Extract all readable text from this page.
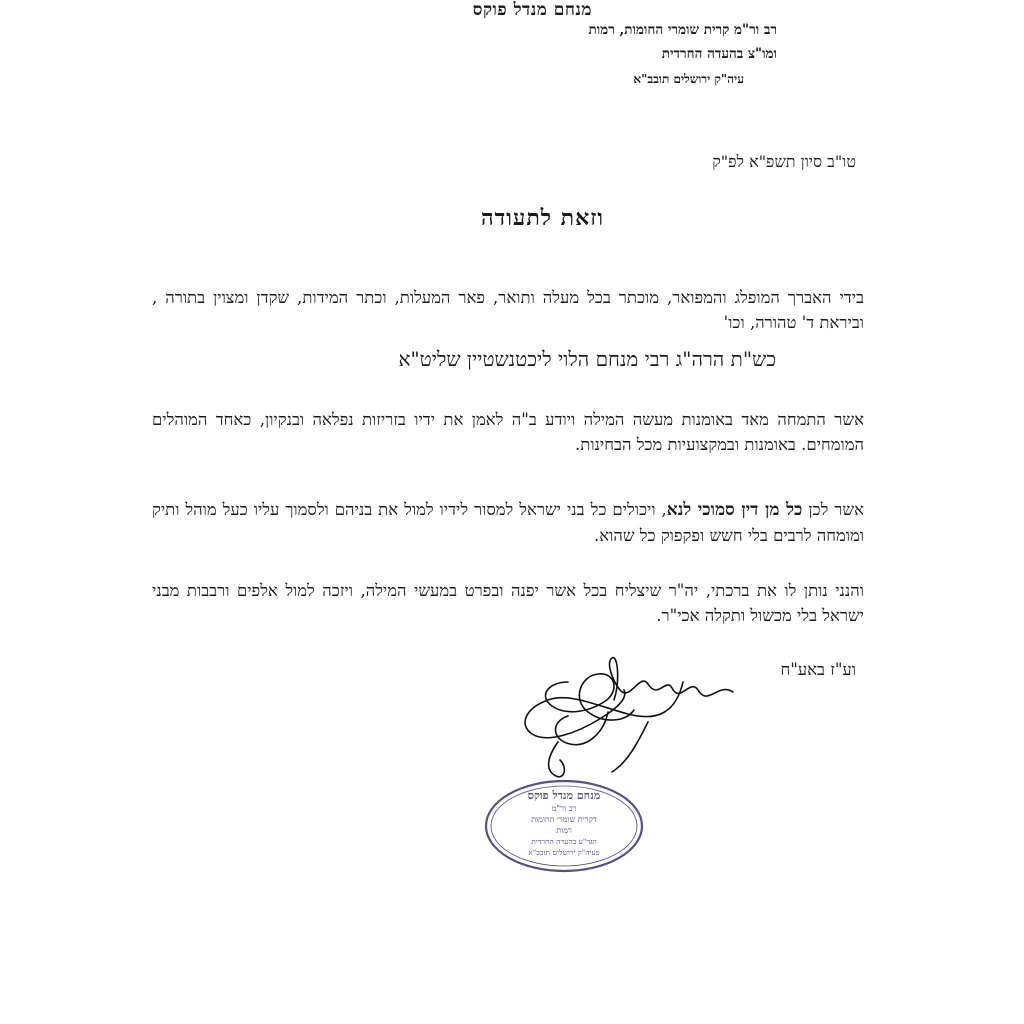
מנחם מנדל פוקס
רב ור"מ קרית שומרי החומות, רמות
ומו"צ בהעדה החרדית
עיה"ק ירושלים תובב"א
טו"ב סיון תשפ"א לפ"ק
וזאת לתעודה
בידי האברך המופלג והמפואר, מוכתר בכל מעלה ותואר, פאר המעלות, וכתר המידות, שקדן ומצוין בתורה , וביראת ד' טהורה, וכו'
כש"ת הרה"ג רבי מנחם הלוי ליכטנשטיין שליט"א
אשר התמחה מאד באומנות מעשה המילה ויודע ב"ה לאמן את ידיו בזריזות נפלאה ובנקיון, כאחד המוהלים המומחים. באומנות ובמקצועיות מכל הבחינות.
אשר לכן כל מן דין סמוכי לנא, ויכולים כל בני ישראל למסור לידיו למול את בניהם ולסמוך עליו כעל מוהל ותיק ומומחה לרבים בלי חשש ופקפוק כל שהוא.
והנני נותן לו את ברכתי, יה"ר שיצליח בכל אשר יפנה ובפרט במעשי המילה, ויזכה למול אלפים ורבבות מבני ישראל בלי מכשול ותקלה אכי"ר.
וע"ז באע"ח
מנחם מנדל פוקס
רב ור"מ
דקרית שומרי החומות
רמות
הגר"ע בהעדה החרדית
פעיה"ק ירושלים תובב"א
